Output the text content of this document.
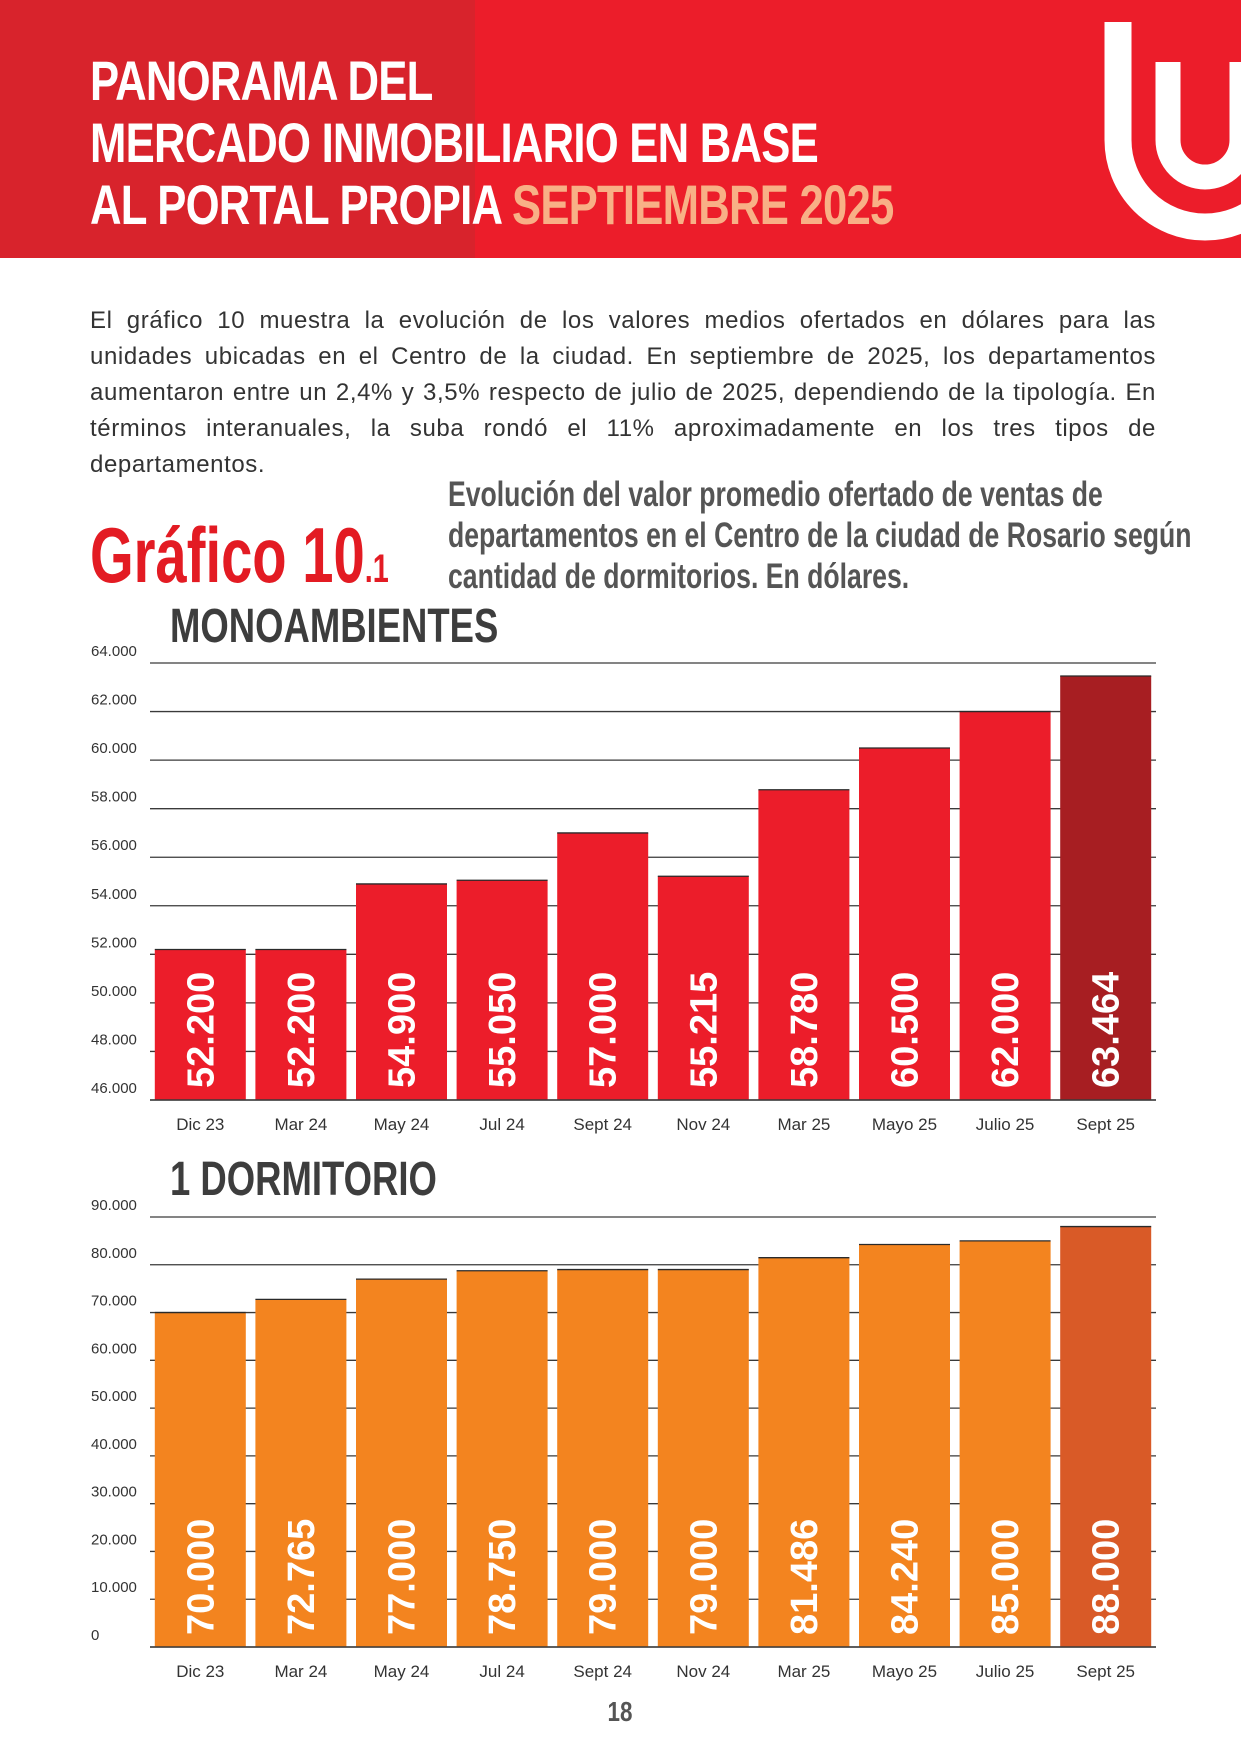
PANORAMA DEL
MERCADO INMOBILIARIO EN BASE
AL PORTAL PROPIA SEPTIEMBRE 2025

El gráfico 10 muestra la evolución de los valores medios ofertados en dólares para las unidades ubicadas en el Centro de la ciudad. En septiembre de 2025, los departamentos aumentaron entre un 2,4% y 3,5% respecto de julio de 2025, dependiendo de la tipología. En términos interanuales, la suba rondó el 11% aproximadamente en los tres tipos de departamentos.

Gráfico 10.1

Evolución del valor promedio ofertado de ventas de
departamentos en el Centro de la ciudad de Rosario según
cantidad de dormitorios. En dólares.

MONOAMBIENTES
46.000
48.000
50.000
52.000
54.000
56.000
58.000
60.000
62.000
64.000
52.200
Dic 23
52.200
Mar 24
54.900
May 24
55.050
Jul 24
57.000
Sept 24
55.215
Nov 24
58.780
Mar 25
60.500
Mayo 25
62.000
Julio 25
63.464
Sept 25
1 DORMITORIO
0
10.000
20.000
30.000
40.000
50.000
60.000
70.000
80.000
90.000
70.000
Dic 23
72.765
Mar 24
77.000
May 24
78.750
Jul 24
79.000
Sept 24
79.000
Nov 24
81.486
Mar 25
84.240
Mayo 25
85.000
Julio 25
88.000
Sept 25

18
